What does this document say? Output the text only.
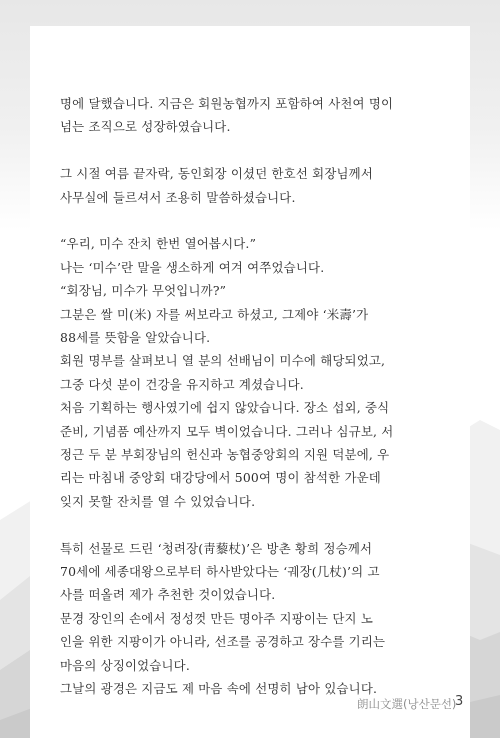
명에 달했습니다. 지금은 회원농협까지 포함하여 사천여 명이
넘는 조직으로 성장하였습니다.
그 시절 여름 끝자락, 동인회장 이셨던 한호선 회장님께서
사무실에 들르셔서 조용히 말씀하셨습니다.
“우리, 미수 잔치 한번 열어봅시다.”
나는 ‘미수’란 말을 생소하게 여겨 여쭈었습니다.
“회장님, 미수가 무엇입니까?”
그분은 쌀 미(米) 자를 써보라고 하셨고, 그제야 ‘米壽’가
88세를 뜻함을 알았습니다.
회원 명부를 살펴보니 열 분의 선배님이 미수에 해당되었고,
그중 다섯 분이 건강을 유지하고 계셨습니다.
처음 기획하는 행사였기에 쉽지 않았습니다. 장소 섭외, 중식
준비, 기념품 예산까지 모두 벽이었습니다. 그러나 심규보, 서
정근 두 분 부회장님의 헌신과 농협중앙회의 지원 덕분에, 우
리는 마침내 중앙회 대강당에서 500여 명이 참석한 가운데
잊지 못할 잔치를 열 수 있었습니다.
특히 선물로 드린 ‘청려장(靑藜杖)’은 방촌 황희 정승께서
70세에 세종대왕으로부터 하사받았다는 ‘궤장(几杖)’의 고
사를 떠올려 제가 추천한 것이었습니다.
문경 장인의 손에서 정성껏 만든 명아주 지팡이는 단지 노
인을 위한 지팡이가 아니라, 선조를 공경하고 장수를 기리는
마음의 상징이었습니다.
그날의 광경은 지금도 제 마음 속에 선명히 남아 있습니다.
朗山文選(낭산문선)
3
